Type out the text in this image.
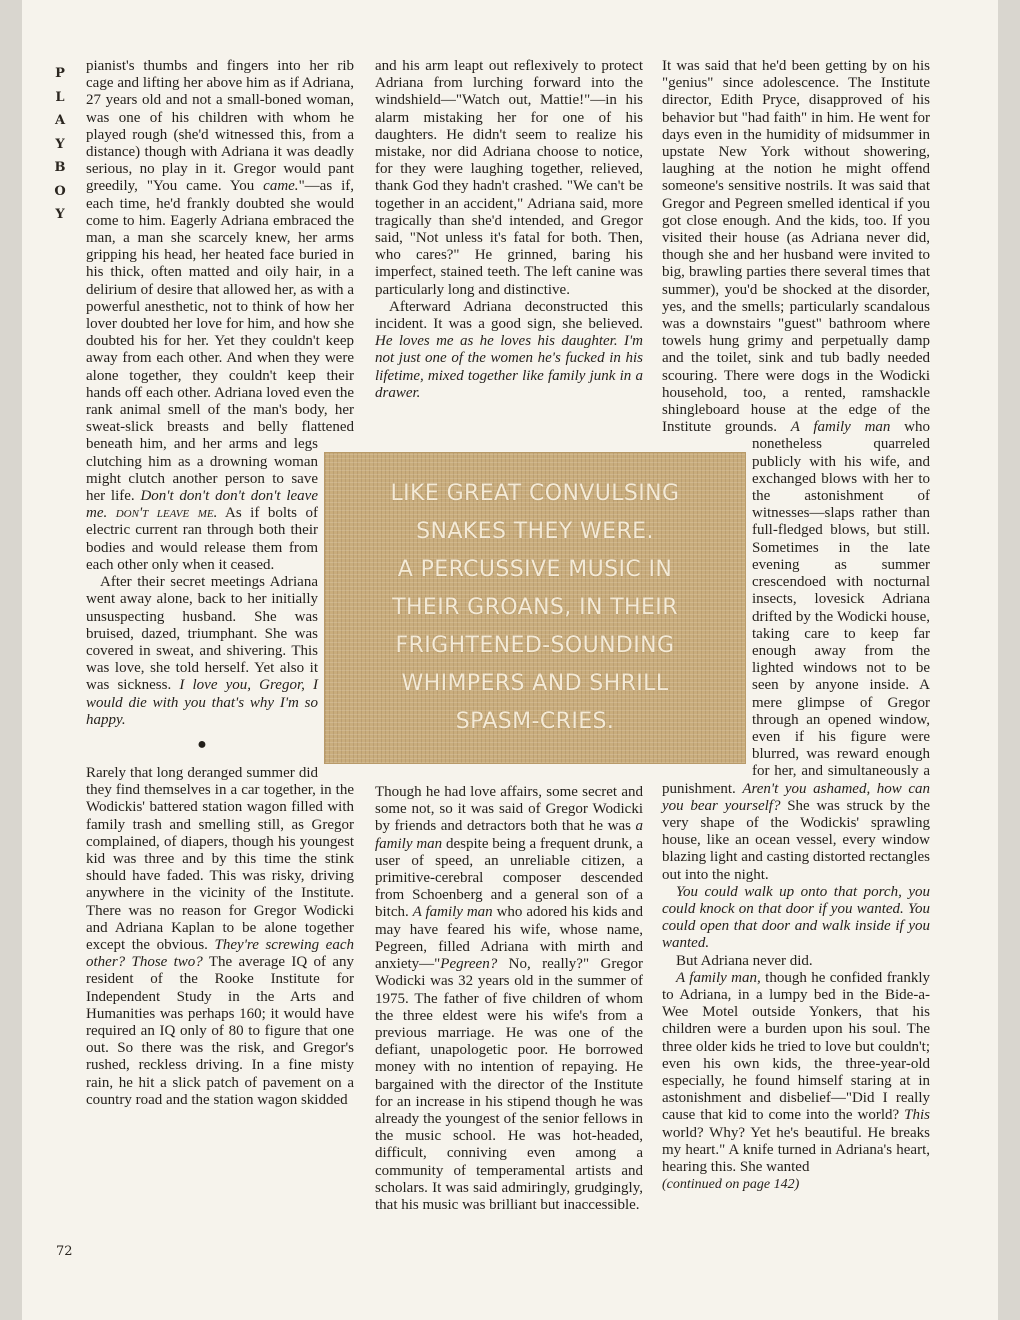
P
L
A
Y
B
O
Y

pianist's thumbs and fingers into her rib cage and lifting her above him as if Adriana, 27 years old and not a small-boned woman, was one of his children with whom he played rough (she'd witnessed this, from a distance) though with Adriana it was deadly serious, no play in it. Gregor would pant greedily, "You came. You came."—as if, each time, he'd frankly doubted she would come to him. Eagerly Adriana embraced the man, a man she scarcely knew, her arms gripping his head, her heated face buried in his thick, often matted and oily hair, in a delirium of desire that allowed her, as with a powerful anesthetic, not to think of how her lover doubted her love for him, and how she doubted his for her. Yet they couldn't keep away from each other. And when they were alone together, they couldn't keep their hands off each other. Adriana loved even the rank animal smell of the man's body, her sweat-slick breasts and belly flattened beneath him, and her arms and legs clutching him as a drowning woman might clutch another person to save her life. Don't don't don't don't leave me. don't leave me. As if bolts of electric current ran through both their bodies and would release them from each other only when it ceased.

After their secret meetings Adriana went away alone, back to her initially unsuspecting husband. She was bruised, dazed, triumphant. She was covered in sweat, and shivering. This was love, she told herself. Yet also it was sickness. I love you, Gregor, I would die with you that's why I'm so happy.

●

Rarely that long deranged summer did they find themselves in a car together, in the Wodickis' battered station wagon filled with family trash and smelling still, as Gregor complained, of diapers, though his youngest kid was three and by this time the stink should have faded. This was risky, driving anywhere in the vicinity of the Institute. There was no reason for Gregor Wodicki and Adriana Kaplan to be alone together except the obvious. They're screwing each other? Those two? The average IQ of any resident of the Rooke Institute for Independent Study in the Arts and Humanities was perhaps 160; it would have required an IQ only of 80 to figure that one out. So there was the risk, and Gregor's rushed, reckless driving. In a fine misty rain, he hit a slick patch of pavement on a country road and the station wagon skidded

and his arm leapt out reflexively to protect Adriana from lurching forward into the windshield—"Watch out, Mattie!"—in his alarm mistaking her for one of his daughters. He didn't seem to realize his mistake, nor did Adriana choose to notice, for they were laughing together, relieved, thank God they hadn't crashed. "We can't be together in an accident," Adriana said, more tragically than she'd intended, and Gregor said, "Not unless it's fatal for both. Then, who cares?" He grinned, baring his imperfect, stained teeth. The left canine was particularly long and distinctive.

Afterward Adriana deconstructed this incident. It was a good sign, she believed. He loves me as he loves his daughter. I'm not just one of the women he's fucked in his lifetime, mixed together like family junk in a drawer.

Though he had love affairs, some secret and some not, so it was said of Gregor Wodicki by friends and detractors both that he was a family man despite being a frequent drunk, a user of speed, an unreliable citizen, a primitive-cerebral composer descended from Schoenberg and a general son of a bitch. A family man who adored his kids and may have feared his wife, whose name, Pegreen, filled Adriana with mirth and anxiety—"Pegreen? No, really?" Gregor Wodicki was 32 years old in the summer of 1975. The father of five children of whom the three eldest were his wife's from a previous marriage. He was one of the defiant, unapologetic poor. He borrowed money with no intention of repaying. He bargained with the director of the Institute for an increase in his stipend though he was already the youngest of the senior fellows in the music school. He was hot-headed, difficult, conniving even among a community of temperamental artists and scholars. It was said admiringly, grudgingly, that his music was brilliant but inaccessible.

It was said that he'd been getting by on his "genius" since adolescence. The Institute director, Edith Pryce, disapproved of his behavior but "had faith" in him. He went for days even in the humidity of midsummer in upstate New York without showering, laughing at the notion he might offend someone's sensitive nostrils. It was said that Gregor and Pegreen smelled identical if you got close enough. And the kids, too. If you visited their house (as Adriana never did, though she and her husband were invited to big, brawling parties there several times that summer), you'd be shocked at the disorder, yes, and the smells; particularly scandalous was a downstairs "guest" bathroom where towels hung grimy and perpetually damp and the toilet, sink and tub badly needed scouring. There were dogs in the Wodicki household, too, a rented, ramshackle shingleboard house at the edge of the Institute grounds. A family man who nonetheless quarreled publicly with his wife, and exchanged blows with her to the astonishment of witnesses—slaps rather than full-fledged blows, but still. Sometimes in the late evening as summer crescendoed with nocturnal insects, lovesick Adriana drifted by the Wodicki house, taking care to keep far enough away from the lighted windows not to be seen by anyone inside. A mere glimpse of Gregor through an opened window, even if his figure were blurred, was reward enough for her, and simultaneously a punishment. Aren't you ashamed, how can you bear yourself? She was struck by the very shape of the Wodickis' sprawling house, like an ocean vessel, every window blazing light and casting distorted rectangles out into the night.

You could walk up onto that porch, you could knock on that door if you wanted. You could open that door and walk inside if you wanted.

But Adriana never did.

A family man, though he confided frankly to Adriana, in a lumpy bed in the Bide-a-Wee Motel outside Yonkers, that his children were a burden upon his soul. The three older kids he tried to love but couldn't; even his own kids, the three-year-old especially, he found himself staring at in astonishment and disbelief—"Did I really cause that kid to come into the world? This world? Why? Yet he's beautiful. He breaks my heart." A knife turned in Adriana's heart, hearing this. She wanted

(continued on page 142)

LIKE GREAT CONVULSING
SNAKES THEY WERE.
A PERCUSSIVE MUSIC IN
THEIR GROANS, IN THEIR
FRIGHTENED-SOUNDING
WHIMPERS AND SHRILL
SPASM-CRIES.
72
